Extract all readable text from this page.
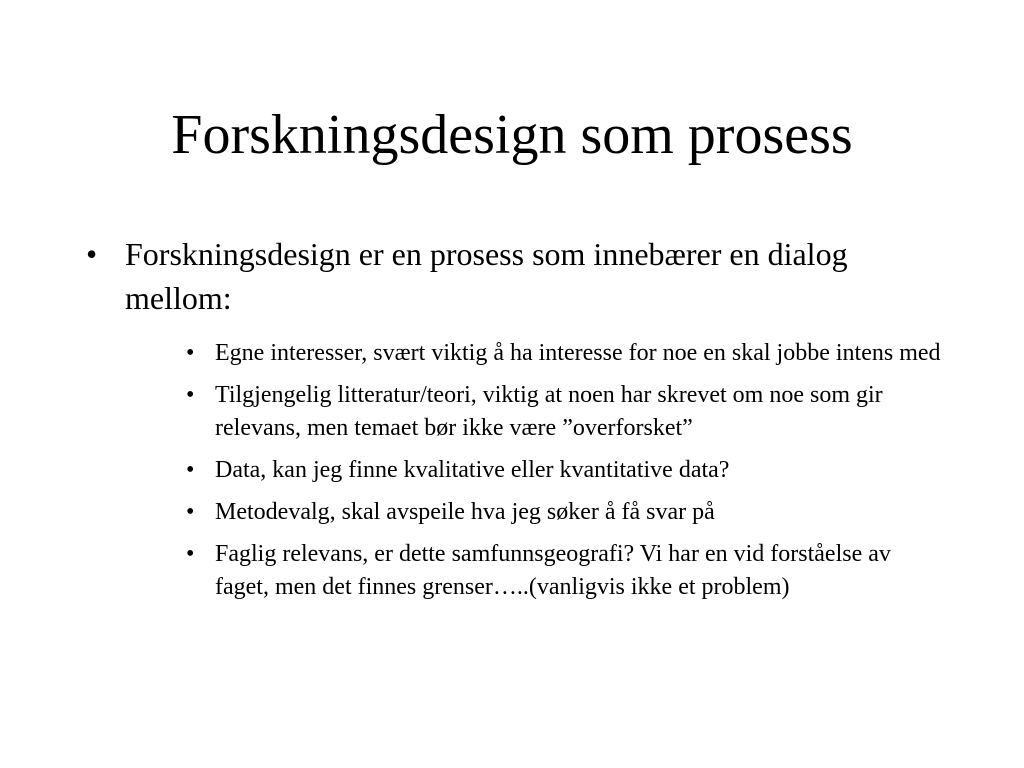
Forskningsdesign som prosess
• Forskningsdesign er en prosess som innebærer en dialog mellom:
• Egne interesser, svært viktig å ha interesse for noe en skal jobbe intens med
• Tilgjengelig litteratur/teori, viktig at noen har skrevet om noe som gir relevans, men temaet bør ikke være ”overforsket”
• Data, kan jeg finne kvalitative eller kvantitative data?
• Metodevalg, skal avspeile hva jeg søker å få svar på
• Faglig relevans, er dette samfunnsgeografi? Vi har en vid forståelse av faget, men det finnes grenser…..(vanligvis ikke et problem)
